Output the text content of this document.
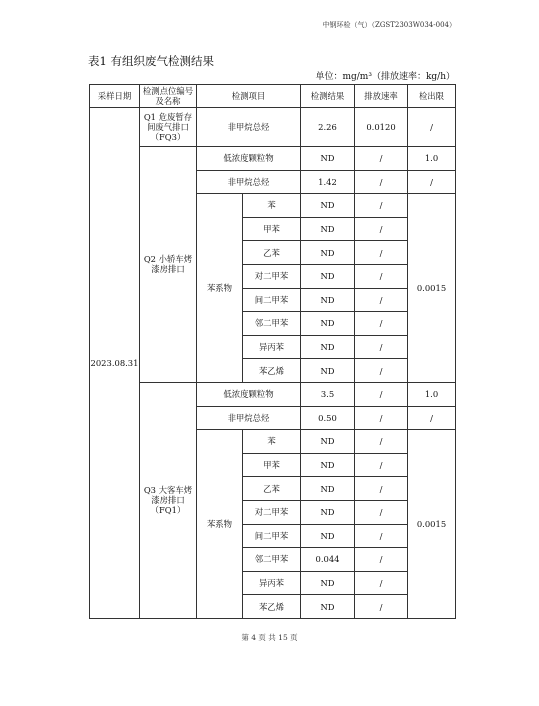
中钢环检（气）（ZGST2303W034-004）
表1 有组织废气检测结果
单位：mg/m³（排放速率：kg/h）
采样日期	检测点位编号及名称	检测项目		检测结果	排放速率	检出限
2023.08.31	Q1 危废暂存间废气排口（FQ3）	非甲烷总烃		2.26	0.0120	/
	Q2 小轿车烤漆房排口	低浓度颗粒物		ND	/	1.0
		非甲烷总烃		1.42	/	/
		苯系物	苯	ND	/	0.0015
			甲苯	ND	/	
			乙苯	ND	/	
			对二甲苯	ND	/	
			间二甲苯	ND	/	
			邻二甲苯	ND	/	
			异丙苯	ND	/	
			苯乙烯	ND	/	
	Q3 大客车烤漆房排口（FQ1）	低浓度颗粒物		3.5	/	1.0
		非甲烷总烃		0.50	/	/
		苯系物	苯	ND	/	0.0015
			甲苯	ND	/	
			乙苯	ND	/	
			对二甲苯	ND	/	
			间二甲苯	ND	/	
			邻二甲苯	0.044	/	
			异丙苯	ND	/	
			苯乙烯	ND	/	
第 4 页 共 15 页
